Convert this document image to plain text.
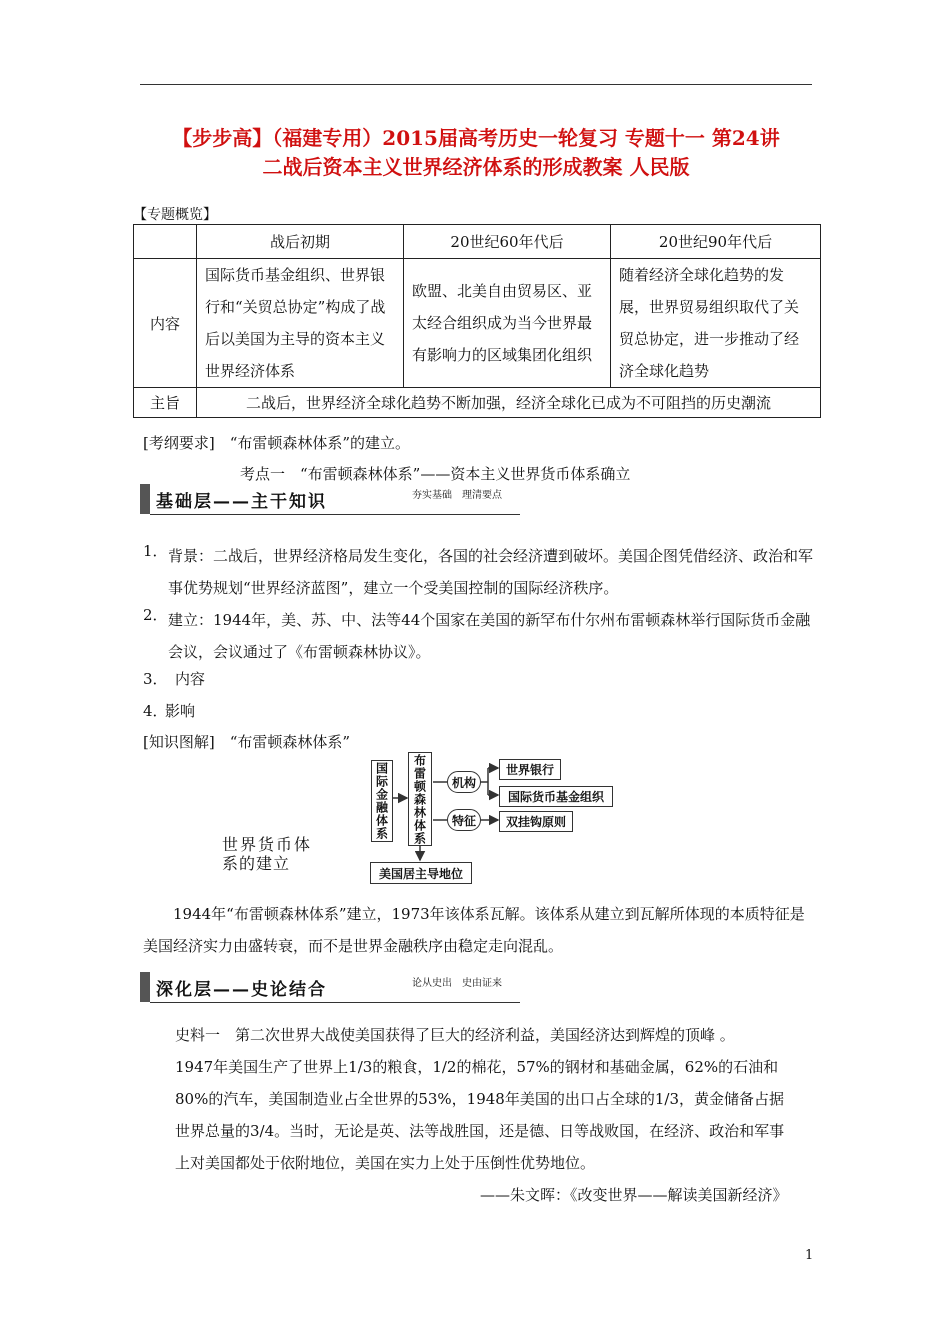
【步步高】（福建专用）2015届高考历史一轮复习 专题十一 第24讲
二战后资本主义世界经济体系的形成教案 人民版
【专题概览】
	战后初期	20世纪60年代后	20世纪90年代后
内容	国际货币基金组织、世界银行和“关贸总协定”构成了战后以美国为主导的资本主义世界经济体系	欧盟、北美自由贸易区、亚太经合组织成为当今世界最有影响力的区域集团化组织	随着经济全球化趋势的发展，世界贸易组织取代了关贸总协定，进一步推动了经济全球化趋势

主旨	二战后，世界经济全球化趋势不断加强，经济全球化已成为不可阻挡的历史潮流		
[考纲要求]　“布雷顿森林体系”的建立。
考点一　“布雷顿森林体系”——资本主义世界货币体系确立
基础层——主干知识	夯实基础　理清要点
1． 背景：二战后，世界经济格局发生变化，各国的社会经济遭到破坏。美国企图凭借经济、政治和军事优势规划“世界经济蓝图”，建立一个受美国控制的国际经济秩序。
2． 建立：1944年，美、苏、中、法等44个国家在美国的新罕布什尔州布雷顿森林举行国际货币金融会议，会议通过了《布雷顿森林协议》。
3． 内容
4．
影响
[知识图解]　“布雷顿森林体系”
国际金融体系	布雷顿森林体系	机构
特征
世界银行
国际货币基金组织
双挂钩原则
美国居主导地位
世界货币体
系的建立
1944年“布雷顿森林体系”建立，1973年该体系瓦解。该体系从建立到瓦解所体现的本质特征是美国经济实力由盛转衰，而不是世界金融秩序由稳定走向混乱。
深化层——史论结合	论从史出　史由证来
史料一　第二次世界大战使美国获得了巨大的经济利益，美国经济达到辉煌的顶峰 。
1947年美国生产了世界上1/3的粮食，1/2的棉花，57%的钢材和基础金属，62%的石油和
80%的汽车，美国制造业占全世界的53%，1948年美国的出口占全球的1/3，黄金储备占据
世界总量的3/4。当时，无论是英、法等战胜国，还是德、日等战败国，在经济、政治和军事
上对美国都处于依附地位，美国在实力上处于压倒性优势地位。
——朱文晖：《改变世界——解读美国新经济》
1
